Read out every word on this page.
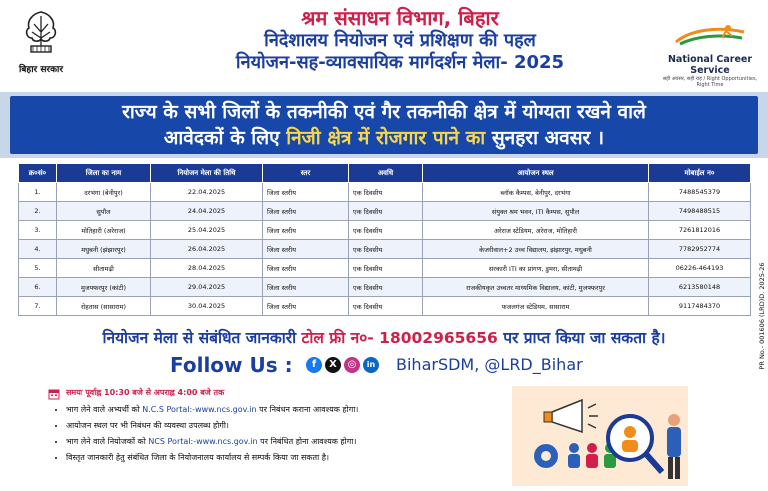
बिहार सरकार
श्रम संसाधन विभाग, बिहार
निदेशालय नियोजन एवं प्रशिक्षण की पहल
नियोजन-सह-व्यावसायिक मार्गदर्शन मेला- 2025	National Career Service
सही अवसर, सही राह / Right Opportunities, Right Time
राज्य के सभी जिलों के तकनीकी एवं गैर तकनीकी क्षेत्र में योग्यता रखने वाले
आवेदकों के लिए निजी क्षेत्र में रोजगार पाने का सुनहरा अवसर ।
क्र०सं०	जिला का नाम	नियोजन मेला की तिथि	स्तर	अवधि	आयोजन स्थल	मोबाईल न०
1.	दरभंगा (बेनीपुर)	22.04.2025	जिला स्तरीय	एक दिवसीय	ब्लॉक कैम्पस, बेनीपुर, दरभंगा	7488545379
2.	सुपौल	24.04.2025	जिला स्तरीय	एक दिवसीय	संयुक्त श्रम भवन, ITI कैम्पस, सुपौल	7498488515
3.	मोतिहारी (अरेराज)	25.04.2025	जिला स्तरीय	एक दिवसीय	अरेराज स्टेडियम, अरेराज, मोतिहारी	7261812016
4.	मधुबनी (झंझारपुर)	26.04.2025	जिला स्तरीय	एक दिवसीय	केजरीवाल+2 उच्च विद्यालय, झंझारपुर, मधुबनी	7782952774
5.	सीतामढ़ी	28.04.2025	जिला स्तरीय	एक दिवसीय	सरकारी ITI का प्रांगण, डुमरा, सीतामढ़ी	06226-464193
6.	मुजफ्फरपुर (कांटी)	29.04.2025	जिला स्तरीय	एक दिवसीय	राजकीयकृत उच्चतर माध्यमिक विद्यालय, कांटी, मुजफ्फरपुर	6213580148
7.	रोहतास (सासाराम)	30.04.2025	जिला स्तरीय	एक दिवसीय	फजलगंज स्टेडियम, सासाराम	9117484370
नियोजन मेला से संबंधित जानकारी टोल फ्री न०- 18002965656 पर प्राप्त किया जा सकता है।
Follow Us :	f X ◎ in	BiharSDM, @LRD_Bihar	PR No.- 001606 (LRD)D. 2025-26
समयः पूर्वाह्न 10:30 बजे से अपराह्न 4:00 बजे तक
• भाग लेने वाले अभ्यर्थी को N.C.S Portal:-www.ncs.gov.in पर निबंधन कराना आवश्यक होगा।
• आयोजन स्थल पर भी निबंधन की व्यवस्था उपलब्ध होगी।
• भाग लेने वाले नियोजकों को NCS Portal:-www.ncs.gov.in पर निबंधित होना आवश्यक होगा।
• विस्तृत जानकारी हेतु संबंधित जिला के नियोजनालय कार्यालय से सम्पर्क किया जा सकता है।
